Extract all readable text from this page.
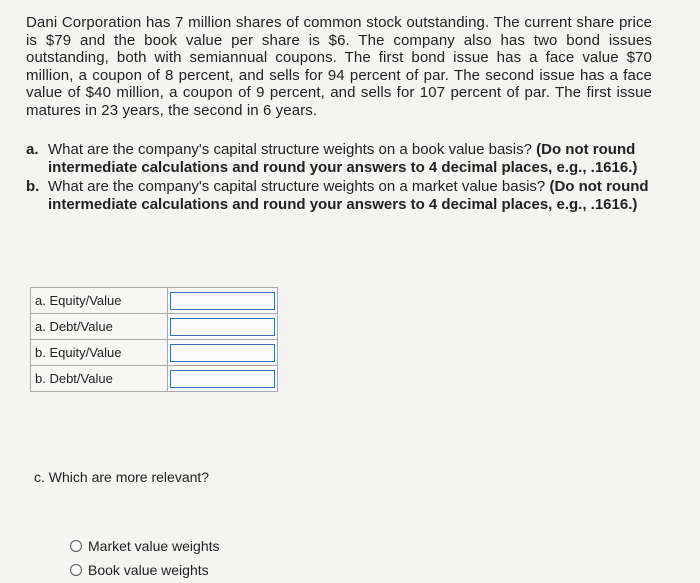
Dani Corporation has 7 million shares of common stock outstanding. The current share price is $79 and the book value per share is $6. The company also has two bond issues outstanding, both with semiannual coupons. The first bond issue has a face value $70 million, a coupon of 8 percent, and sells for 94 percent of par. The second issue has a face value of $40 million, a coupon of 9 percent, and sells for 107 percent of par. The first issue matures in 23 years, the second in 6 years.

a. What are the company's capital structure weights on a book value basis? (Do not round intermediate calculations and round your answers to 4 decimal places, e.g., .1616.)
b. What are the company's capital structure weights on a market value basis? (Do not round intermediate calculations and round your answers to 4 decimal places, e.g., .1616.)
a. Equity/Value	

a. Debt/Value	

b. Equity/Value	

b. Debt/Value	

c. Which are more relevant?

Market value weights
Book value weights
